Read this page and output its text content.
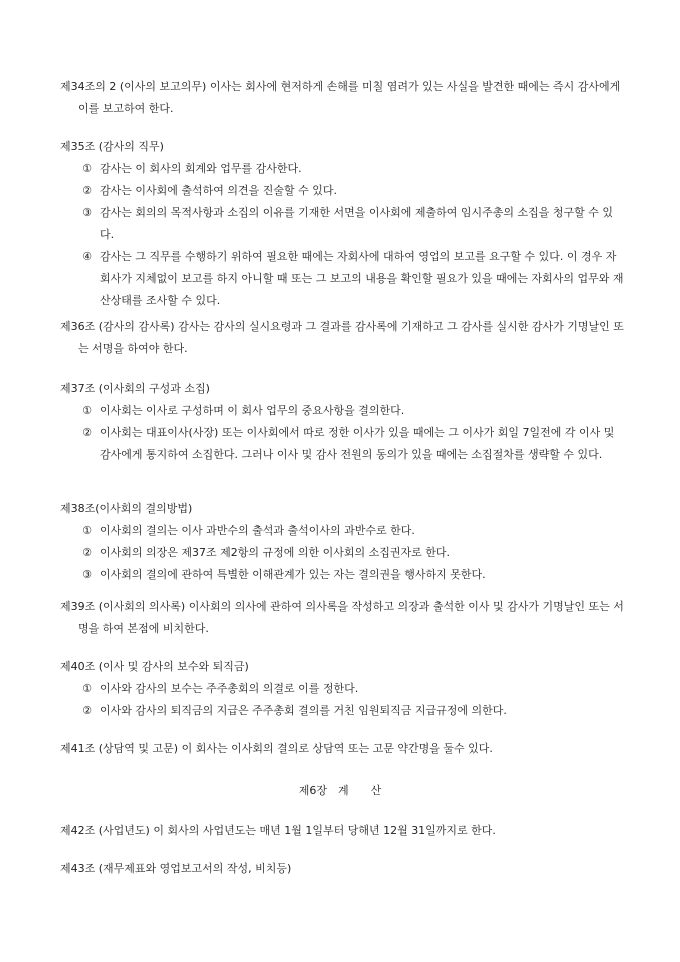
제34조의 2 (이사의 보고의무) 이사는 회사에 현저하게 손해를 미칠 염려가 있는 사실을 발견한 때에는 즉시 감사에게 이를 보고하여 한다.

제35조 (감사의 직무)

① 감사는 이 회사의 회계와 업무를 감사한다.
② 감사는 이사회에 출석하여 의견을 진술할 수 있다.
③ 감사는 회의의 목적사항과 소집의 이유를 기재한 서면을 이사회에 제출하여 임시주총의 소집을 청구할 수 있다.
④ 감사는 그 직무를 수행하기 위하여 필요한 때에는 자회사에 대하여 영업의 보고를 요구할 수 있다. 이 경우 자회사가 지체없이 보고를 하지 아니할 때 또는 그 보고의 내용을 확인할 필요가 있을 때에는 자회사의 업무와 재산상태를 조사할 수 있다.

제36조 (감사의 감사록) 감사는 감사의 실시요령과 그 결과를 감사록에 기재하고 그 감사를 실시한 감사가 기명날인 또는 서명을 하여야 한다.

제37조 (이사회의 구성과 소집)

① 이사회는 이사로 구성하며 이 회사 업무의 중요사항을 결의한다.
② 이사회는 대표이사(사장) 또는 이사회에서 따로 정한 이사가 있을 때에는 그 이사가 회일 7일전에 각 이사 및 감사에게 통지하여 소집한다. 그러나 이사 및 감사 전원의 동의가 있을 때에는 소집절차를 생략할 수 있다.

제38조(이사회의 결의방법)

① 이사회의 결의는 이사 과반수의 출석과 출석이사의 과반수로 한다.
② 이사회의 의장은 제37조 제2항의 규정에 의한 이사회의 소집권자로 한다.
③ 이사회의 결의에 관하여 특별한 이해관계가 있는 자는 결의권을 행사하지 못한다.

제39조 (이사회의 의사록) 이사회의 의사에 관하여 의사록을 작성하고 의장과 출석한 이사 및 감사가 기명날인 또는 서명을 하여 본점에 비치한다.

제40조 (이사 및 감사의 보수와 퇴직금)

① 이사와 감사의 보수는 주주총회의 의결로 이를 정한다.
② 이사와 감사의 퇴직금의 지급은 주주총회 결의를 거친 임원퇴직금 지급규정에 의한다.

제41조 (상담역 및 고문) 이 회사는 이사회의 결의로 상담역 또는 고문 약간명을 둘수 있다.

제6장　계　　산

제42조 (사업년도) 이 회사의 사업년도는 매년 1월 1일부터 당해년 12월 31일까지로 한다.

제43조 (재무제표와 영업보고서의 작성, 비치등)
